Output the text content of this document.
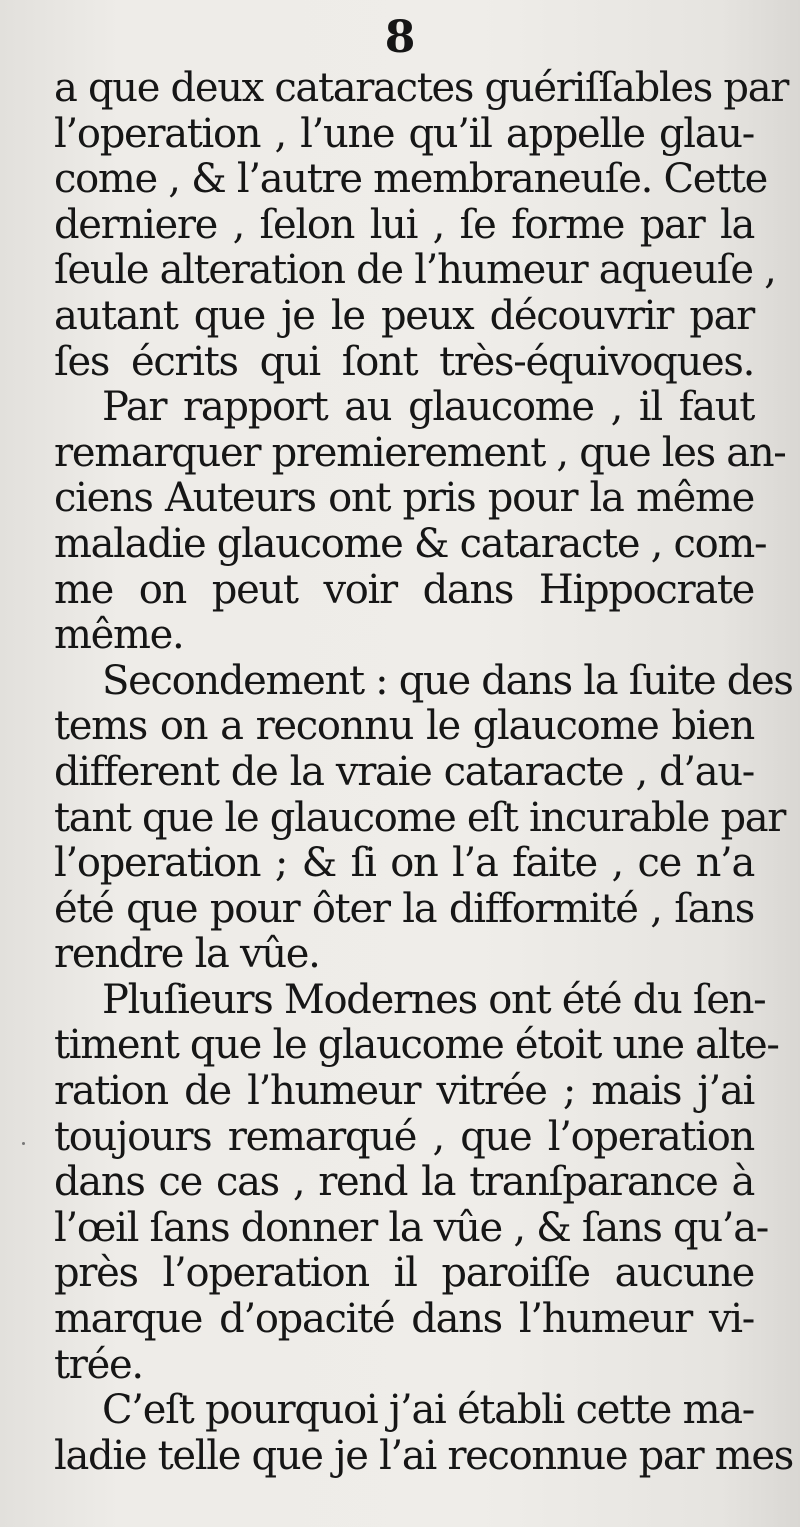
8
a que deux cataractes guériſſables par
l’operation , l’une qu’il appelle glau-
come , & l’autre membraneuſe. Cette
derniere , ſelon lui , ſe forme par la
ſeule alteration de l’humeur aqueuſe ,
autant que je le peux découvrir par
ſes écrits qui ſont très-équivoques.
Par rapport au glaucome , il faut
remarquer premierement , que les an-
ciens Auteurs ont pris pour la même
maladie glaucome & cataracte , com-
me on peut voir dans Hippocrate
même.
Secondement : que dans la ſuite des
tems on a reconnu le glaucome bien
different de la vraie cataracte , d’au-
tant que le glaucome eſt incurable par
l’operation ; & ſi on l’a faite , ce n’a
été que pour ôter la difformité , ſans
rendre la vûe.
Pluſieurs Modernes ont été du ſen-
timent que le glaucome étoit une alte-
ration de l’humeur vitrée ; mais j’ai
toujours remarqué , que l’operation
dans ce cas , rend la tranſparance à
l’œil ſans donner la vûe , & ſans qu’a-
près l’operation il paroiſſe aucune
marque d’opacité dans l’humeur vi-
trée.
C’eſt pourquoi j’ai établi cette ma-
ladie telle que je l’ai reconnue par mes
